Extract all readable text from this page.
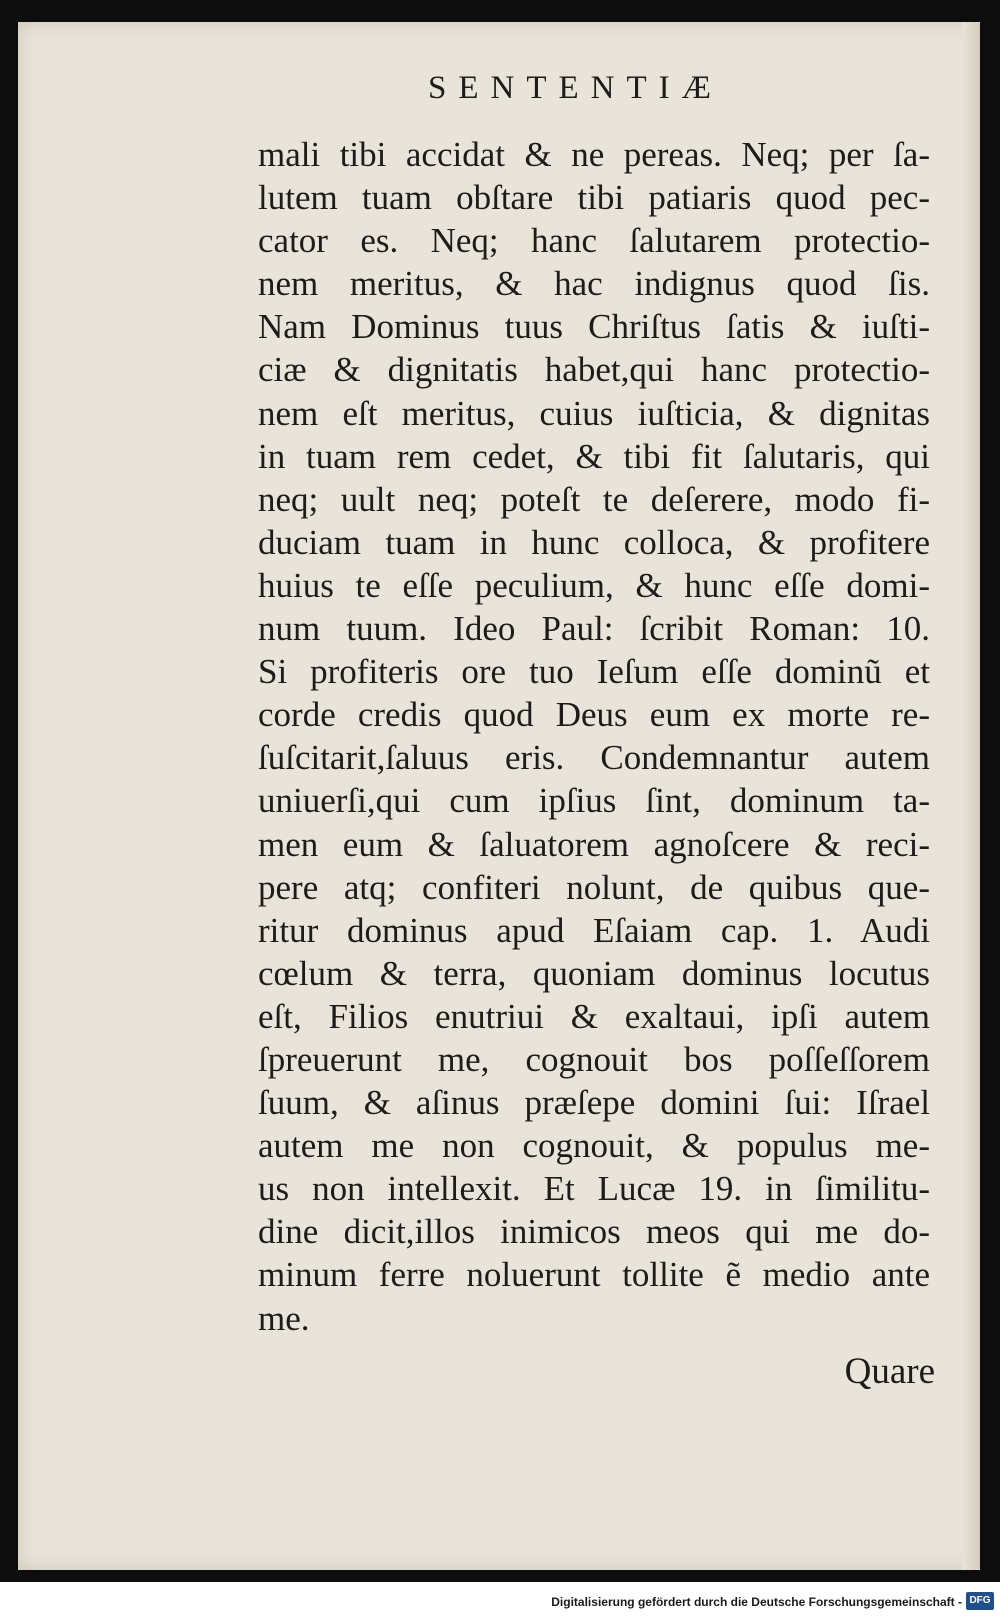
SENTENTIÆ
mali tibi accidat & ne pereas. Neq; per ſa-
lutem tuam obſtare tibi patiaris quod pec-
cator es. Neq; hanc ſalutarem protectio-
nem meritus, & hac indignus quod ſis.
Nam Dominus tuus Chriſtus ſatis & iuſti-
ciæ & dignitatis habet,qui hanc protectio-
nem eſt meritus, cuius iuſticia, & dignitas
in tuam rem cedet, & tibi fit ſalutaris, qui
neq; uult neq; poteſt te deſerere, modo fi-
duciam tuam in hunc colloca, & profitere
huius te eſſe peculium, & hunc eſſe domi-
num tuum. Ideo Paul: ſcribit Roman: 10.
Si profiteris ore tuo Ieſum eſſe dominũ et
corde credis quod Deus eum ex morte re-
ſuſcitarit,ſaluus eris. Condemnantur autem
uniuerſi,qui cum ipſius ſint, dominum ta-
men eum & ſaluatorem agnoſcere & reci-
pere atq; confiteri nolunt, de quibus que-
ritur dominus apud Eſaiam cap. 1. Audi
cœlum & terra, quoniam dominus locutus
eſt, Filios enutriui & exaltaui, ipſi autem
ſpreuerunt me, cognouit bos poſſeſſorem
ſuum, & aſinus præſepe domini ſui: Iſrael
autem me non cognouit, & populus me-
us non intellexit. Et Lucæ 19. in ſimilitu-
dine dicit,illos inimicos meos qui me do-
minum ferre noluerunt tollite ẽ medio ante
me.
Quare
Digitalisierung gefördert durch die Deutsche Forschungsgemeinschaft - DFG
